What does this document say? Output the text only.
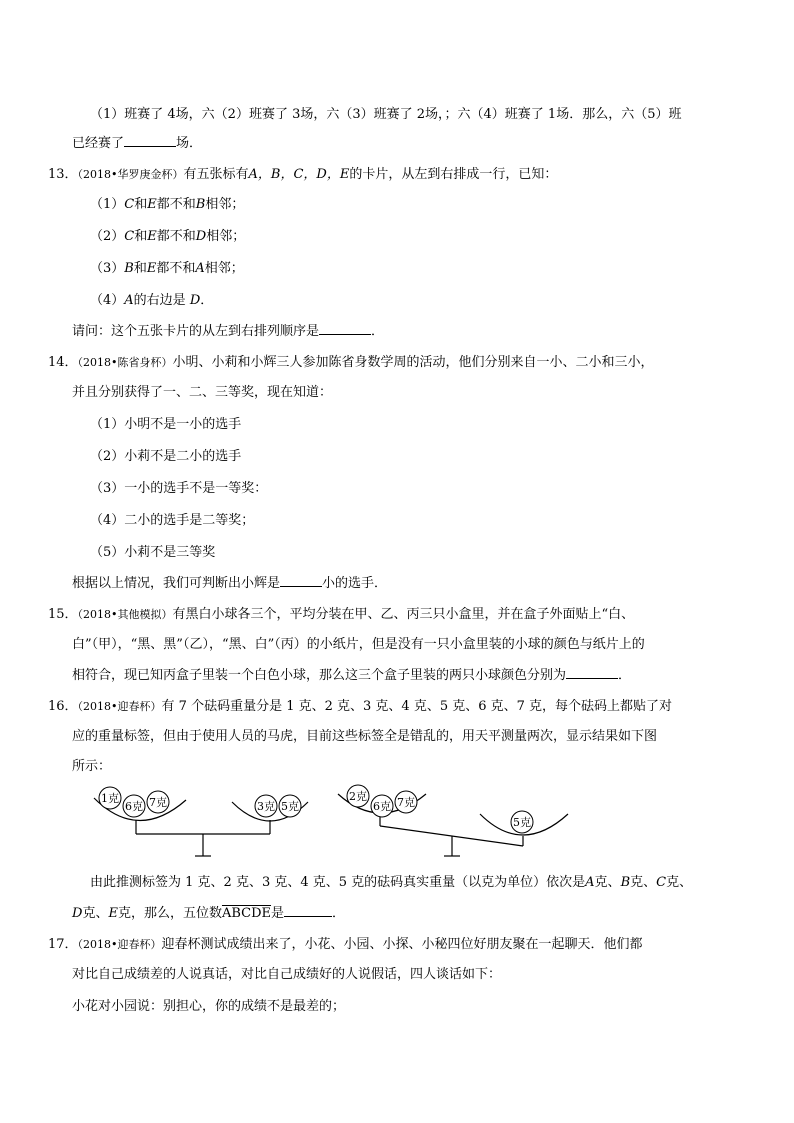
（1）班赛了 4场，六（2）班赛了 3场，六（3）班赛了 2场，；六（4）班赛了 1场．那么，六（5）班
已经赛了	场．
13．（2018•华罗庚金杯）有五张标有A，B，C，D，E的卡片，从左到右排成一行，已知：
（1）C和E都不和B相邻；
（2）C和E都不和D相邻；
（3）B和E都不和A相邻；
（4）A的右边是 D．
请问：这个五张卡片的从左到右排列顺序是	．
14．（2018•陈省身杯）小明、小莉和小辉三人参加陈省身数学周的活动，他们分别来自一小、二小和三小，
并且分别获得了一、二、三等奖，现在知道：
（1）小明不是一小的选手
（2）小莉不是二小的选手
（3）一小的选手不是一等奖：
（4）二小的选手是二等奖；
（5）小莉不是三等奖
根据以上情况，我们可判断出小辉是	小的选手．
15．（2018•其他模拟）有黑白小球各三个，平均分装在甲、乙、丙三只小盒里，并在盒子外面贴上“白、
白”（甲），“黑、黑”（乙），“黑、白”（丙）的小纸片，但是没有一只小盒里装的小球的颜色与纸片上的
相符合，现已知丙盒子里装一个白色小球，那么这三个盒子里装的两只小球颜色分别为	．
16．（2018•迎春杯）有 7 个砝码重量分是 1 克、2 克、3 克、4 克、5 克、6 克、7 克，每个砝码上都贴了对
应的重量标签，但由于使用人员的马虎，目前这些标签全是错乱的，用天平测量两次，显示结果如下图
所示：
1克
6克 7克	3克 5克
2克
6克 7克
5克
由此推测标签为 1 克、2 克、3 克、4 克、5 克的砝码真实重量（以克为单位）依次是A克、B克、C克、
D克、E克，那么，五位数ABCDE是	．
17．（2018•迎春杯）迎春杯测试成绩出来了，小花、小园、小探、小秘四位好朋友聚在一起聊天．他们都
对比自己成绩差的人说真话，对比自己成绩好的人说假话，四人谈话如下：
小花对小园说：别担心，你的成绩不是最差的；
